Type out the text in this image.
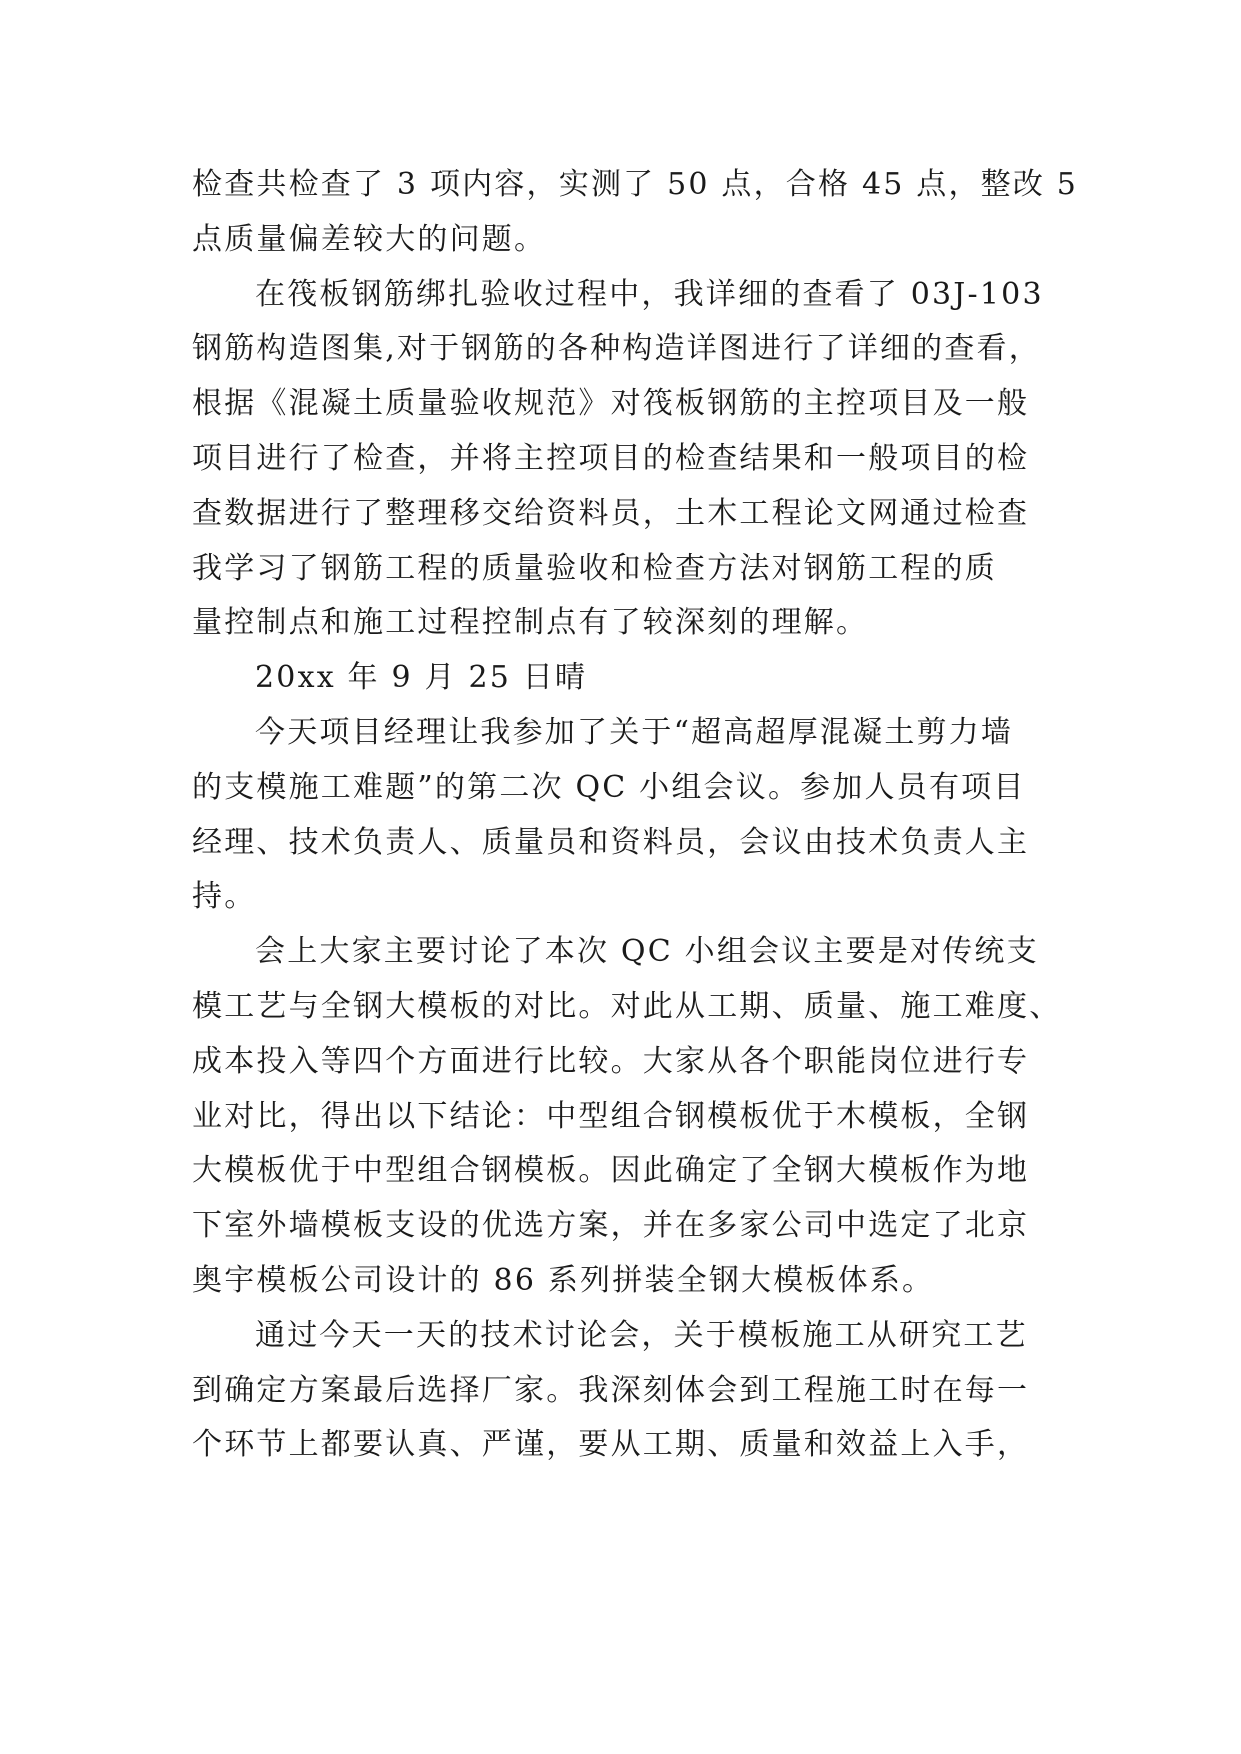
检查共检查了 3 项内容，实测了 50 点，合格 45 点，整改 5
点质量偏差较大的问题。
在筏板钢筋绑扎验收过程中，我详细的查看了 03J-103
钢筋构造图集,对于钢筋的各种构造详图进行了详细的查看，
根据《混凝土质量验收规范》对筏板钢筋的主控项目及一般
项目进行了检查，并将主控项目的检查结果和一般项目的检
查数据进行了整理移交给资料员，土木工程论文网通过检查
我学习了钢筋工程的质量验收和检查方法对钢筋工程的质
量控制点和施工过程控制点有了较深刻的理解。
20xx 年 9 月 25 日晴
今天项目经理让我参加了关于“超高超厚混凝土剪力墙
的支模施工难题”的第二次 QC 小组会议。参加人员有项目
经理、技术负责人、质量员和资料员，会议由技术负责人主
持。
会上大家主要讨论了本次 QC 小组会议主要是对传统支
模工艺与全钢大模板的对比。对此从工期、质量、施工难度、
成本投入等四个方面进行比较。大家从各个职能岗位进行专
业对比，得出以下结论：中型组合钢模板优于木模板，全钢
大模板优于中型组合钢模板。因此确定了全钢大模板作为地
下室外墙模板支设的优选方案，并在多家公司中选定了北京
奥宇模板公司设计的 86 系列拼装全钢大模板体系。
通过今天一天的技术讨论会，关于模板施工从研究工艺
到确定方案最后选择厂家。我深刻体会到工程施工时在每一
个环节上都要认真、严谨，要从工期、质量和效益上入手，
